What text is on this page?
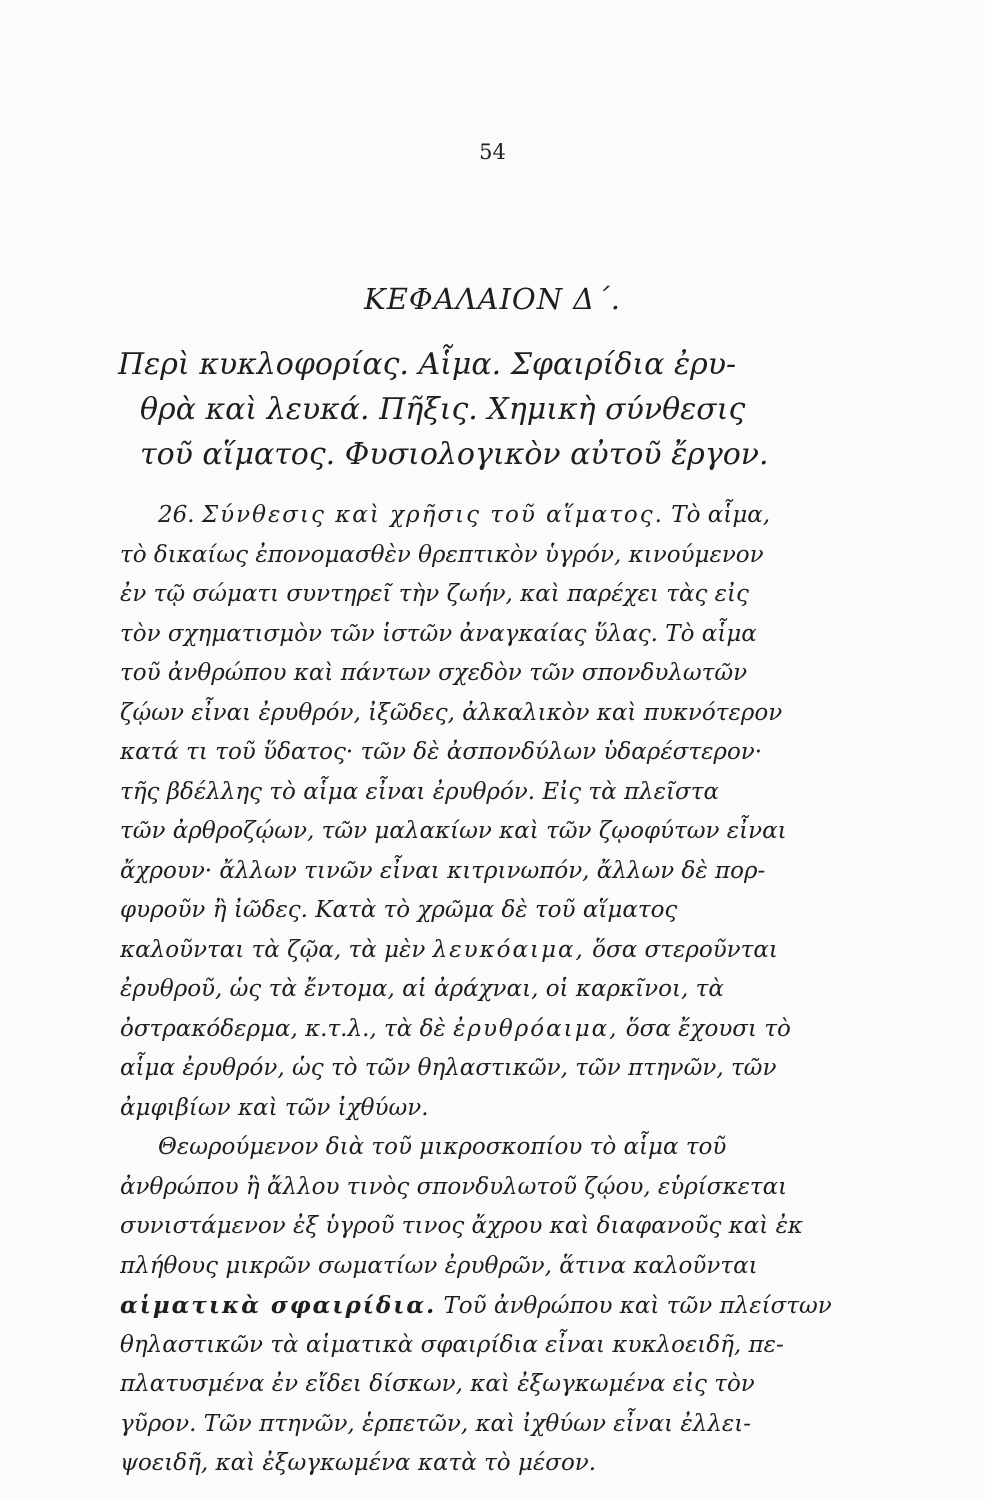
54
ΚΕΦΑΛΑΙΟΝ Δ΄.
Περὶ κυκλοφορίας. Αἷμα. Σφαιρίδια ἐρυ-
θρὰ καὶ λευκά. Πῆξις. Χημικὴ σύνθεσις
τοῦ αἵματος. Φυσιολογικὸν αὐτοῦ ἔργον.
26. Σύνθεσις καὶ χρῆσις τοῦ αἵματος. Τὸ αἷμα,
τὸ δικαίως ἐπονομασθὲν θρεπτικὸν ὑγρόν, κινούμενον
ἐν τῷ σώματι συντηρεῖ τὴν ζωήν, καὶ παρέχει τὰς εἰς
τὸν σχηματισμὸν τῶν ἱστῶν ἀναγκαίας ὕλας. Τὸ αἷμα
τοῦ ἀνθρώπου καὶ πάντων σχεδὸν τῶν σπονδυλωτῶν
ζῴων εἶναι ἐρυθρόν, ἰξῶδες, ἀλκαλικὸν καὶ πυκνότερον
κατά τι τοῦ ὕδατος· τῶν δὲ ἀσπονδύλων ὑδαρέστερον·
τῆς βδέλλης τὸ αἷμα εἶναι ἐρυθρόν. Εἰς τὰ πλεῖστα
τῶν ἀρθροζῴων, τῶν μαλακίων καὶ τῶν ζῳοφύτων εἶναι
ἄχρουν· ἄλλων τινῶν εἶναι κιτρινωπόν, ἄλλων δὲ πορ-
φυροῦν ἢ ἰῶδες. Κατὰ τὸ χρῶμα δὲ τοῦ αἵματος
καλοῦνται τὰ ζῷα, τὰ μὲν λευκόαιμα, ὅσα στεροῦνται
ἐρυθροῦ, ὡς τὰ ἔντομα, αἱ ἀράχναι, οἱ καρκῖνοι, τὰ
ὀστρακόδερμα, κ.τ.λ., τὰ δὲ ἐρυθρόαιμα, ὅσα ἔχουσι τὸ
αἷμα ἐρυθρόν, ὡς τὸ τῶν θηλαστικῶν, τῶν πτηνῶν, τῶν
ἀμφιβίων καὶ τῶν ἰχθύων.
Θεωρούμενον διὰ τοῦ μικροσκοπίου τὸ αἷμα τοῦ
ἀνθρώπου ἢ ἄλλου τινὸς σπονδυλωτοῦ ζῴου, εὑρίσκεται
συνιστάμενον ἐξ ὑγροῦ τινος ἄχρου καὶ διαφανοῦς καὶ ἐκ
πλήθους μικρῶν σωματίων ἐρυθρῶν, ἅτινα καλοῦνται
αἱματικὰ σφαιρίδια. Τοῦ ἀνθρώπου καὶ τῶν πλείστων
θηλαστικῶν τὰ αἱματικὰ σφαιρίδια εἶναι κυκλοειδῆ, πε-
πλατυσμένα ἐν εἴδει δίσκων, καὶ ἐξωγκωμένα εἰς τὸν
γῦρον. Τῶν πτηνῶν, ἑρπετῶν, καὶ ἰχθύων εἶναι ἐλλει-
ψοειδῆ, καὶ ἐξωγκωμένα κατὰ τὸ μέσον.
